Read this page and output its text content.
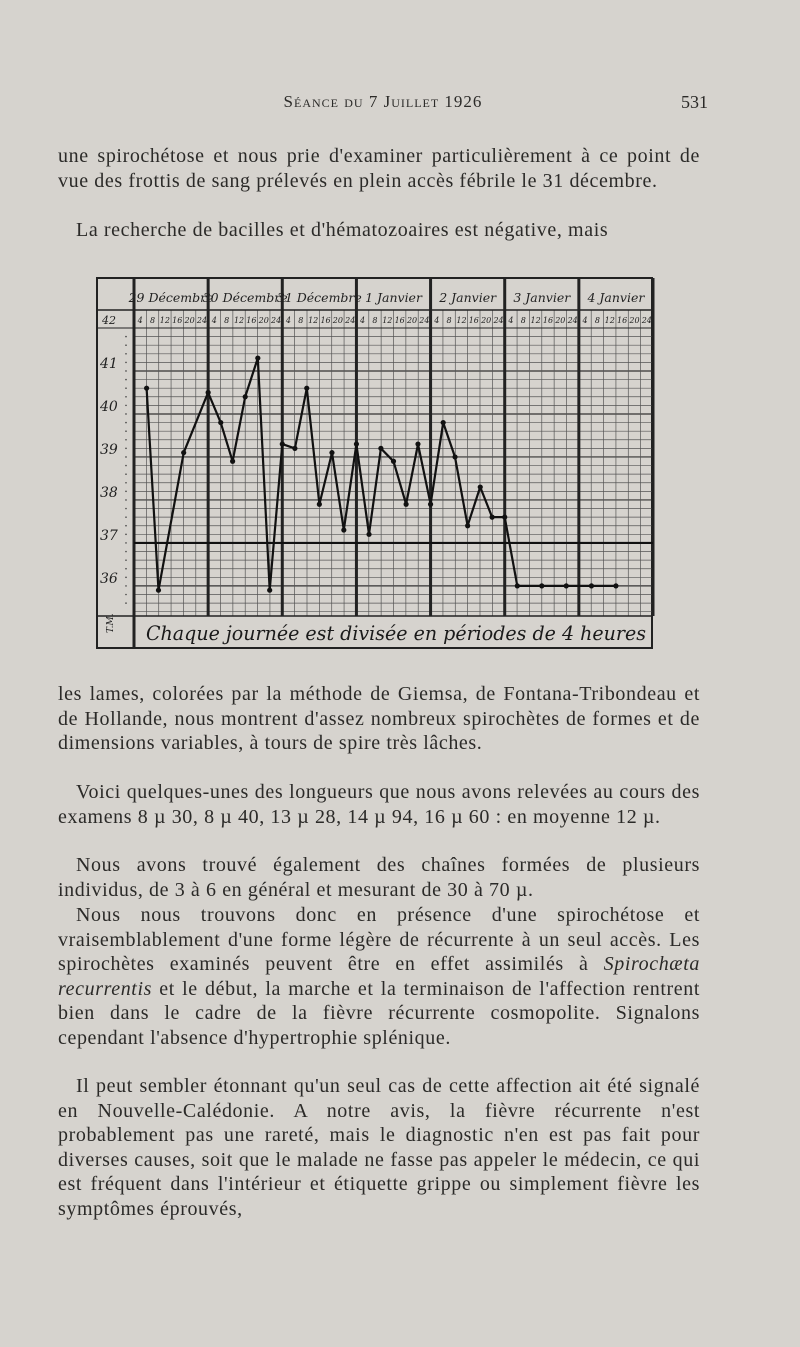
Séance du 7 Juillet 1926	531

une spirochétose et nous prie d'examiner particulièrement à ce point de vue des frottis de sang prélevés en plein accès fébrile le 31 décembre.

La recherche de bacilles et d'hématozoaires est négative, mais

29 Décembre
30 Décembre
31 Décembre 1 Janvier 2 Janvier 3 Janvier 4 Janvier
4 8 12 16 20 24 4 8 12 16 20 24 4 8 12 16 20 24 4 8 12 16 20 24 4 8 12 16 20 24 4 8 12 16 20 24 4 8 12 16 20 24
42
41
40
39
38
37
36
T.M. Chaque journée est divisée en périodes de 4 heures

les lames, colorées par la méthode de Giemsa, de Fontana-Tribondeau et de Hollande, nous montrent d'assez nombreux spirochètes de formes et de dimensions variables, à tours de spire très lâches.

Voici quelques-unes des longueurs que nous avons relevées au cours des examens 8 µ 30, 8 µ 40, 13 µ 28, 14 µ 94, 16 µ 60 : en moyenne 12 µ.

Nous avons trouvé également des chaînes formées de plusieurs individus, de 3 à 6 en général et mesurant de 30 à 70 µ.

Nous nous trouvons donc en présence d'une spirochétose et vraisemblablement d'une forme légère de récurrente à un seul accès. Les spirochètes examinés peuvent être en effet assimilés à Spirochæta recurrentis et le début, la marche et la terminaison de l'affection rentrent bien dans le cadre de la fièvre récurrente cosmopolite. Signalons cependant l'absence d'hypertrophie splénique.

Il peut sembler étonnant qu'un seul cas de cette affection ait été signalé en Nouvelle-Calédonie. A notre avis, la fièvre récurrente n'est probablement pas une rareté, mais le diagnostic n'en est pas fait pour diverses causes, soit que le malade ne fasse pas appeler le médecin, ce qui est fréquent dans l'intérieur et étiquette grippe ou simplement fièvre les symptômes éprouvés,
